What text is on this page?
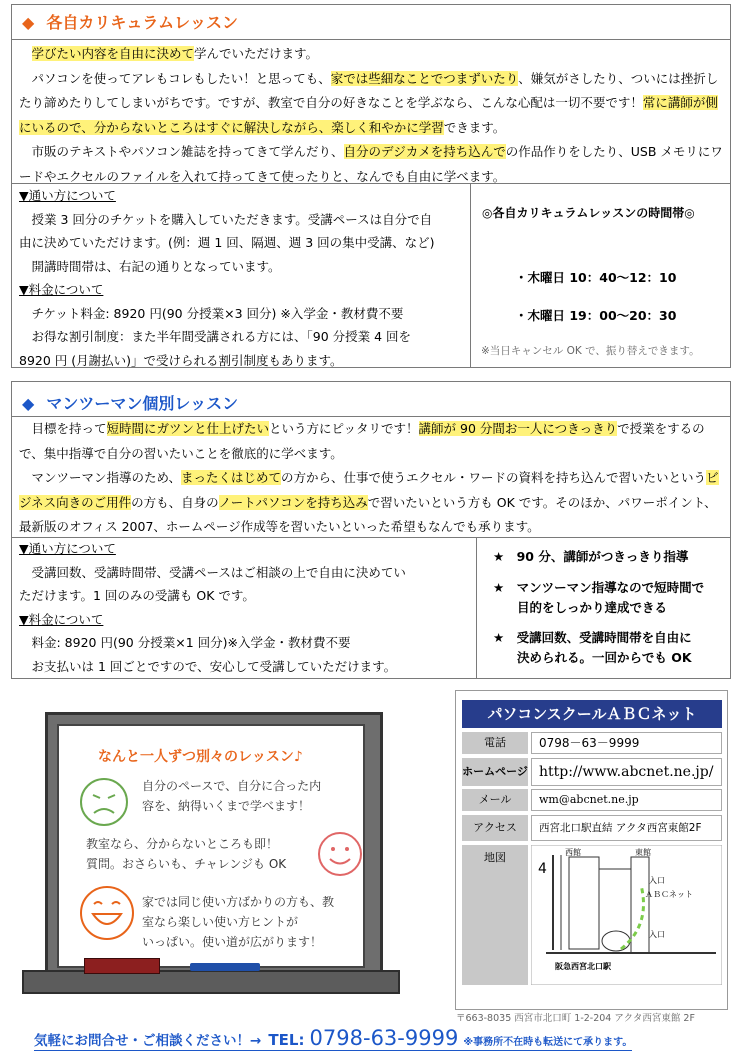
◆ 各自カリキュラムレッスン

学びたい内容を自由に決めて学んでいただけます。

パソコンを使ってアレもコレもしたい！と思っても、家では些細なことでつまずいたり、嫌気がさしたり、ついには挫折したり諦めたりしてしまいがちです。ですが、教室で自分の好きなことを学ぶなら、こんな心配は一切不要です！常に講師が側にいるので、分からないところはすぐに解決しながら、楽しく和やかに学習できます。

市販のテキストやパソコン雑誌を持ってきて学んだり、自分のデジカメを持ち込んでの作品作りをしたり、USB メモリにワードやエクセルのファイルを入れて持ってきて使ったりと、なんでも自由に学べます。

▼通い方について
授業 3 回分のチケットを購入していただきます。受講ペースは自分で自
由に決めていただけます。(例：週 1 回、隔週、週 3 回の集中受講、など)
開講時間帯は、右記の通りとなっています。
▼料金について
チケット料金: 8920 円(90 分授業×3 回分) ※入学金・教材費不要
お得な割引制度：また半年間受講される方には、「90 分授業 4 回を
8920 円 (月謝払い)」で受けられる割引制度もあります。
◎各自カリキュラムレッスンの時間帯◎
・木曜日 10：40～12：10
・木曜日 19：00～20：30
※当日キャンセル OK で、振り替えできます。
◆ マンツーマン個別レッスン

目標を持って短時間にガツンと仕上げたいという方にピッタリです！講師が 90 分間お一人につきっきりで授業をするので、集中指導で自分の習いたいことを徹底的に学べます。

マンツーマン指導のため、まったくはじめての方から、仕事で使うエクセル・ワードの資料を持ち込んで習いたいというビジネス向きのご用件の方も、自身のノートパソコンを持ち込みで習いたいという方も OK です。そのほか、パワーポイント、最新版のオフィス 2007、ホームページ作成等を習いたいといった希望もなんでも承ります。

▼通い方について
受講回数、受講時間帯、受講ペースはご相談の上で自由に決めてい
ただけます。1 回のみの受講も OK です。
▼料金について
料金: 8920 円(90 分授業×1 回分)※入学金・教材費不要
お支払いは 1 回ごとですので、安心して受講していただけます。
★ 90 分、講師がつきっきり指導
★ マンツーマン指導なので短時間で
目的をしっかり達成できる
★ 受講回数、受講時間帯を自由に
決められる。一回からでも OK
なんと一人ずつ別々のレッスン♪
自分のペースで、自分に合った内
容を、納得いくまで学べます！
教室なら、分からないところも即！
質問。おさらいも、チャレンジも OK
家では同じ使い方ばかりの方も、教
室なら楽しい使い方ヒントが
いっぱい。使い道が広がります！
パソコンスクールＡＢＣネット
電話	0798－63－9999
ホームページ http://www.abcnet.ne.jp/
メール	wm@abcnet.ne.jp
アクセス	西宮北口駅直結 アクタ西宮東館2F
地図
4
西館	東館
入口
ＡＢＣネット
入口
阪急西宮北口駅
〒663-8035 西宮市北口町 1-2-204 アクタ西宮東館 2F
気軽にお問合せ・ご相談ください！→ TEL: 0798-63-9999 ※事務所不在時も転送にて承ります。
